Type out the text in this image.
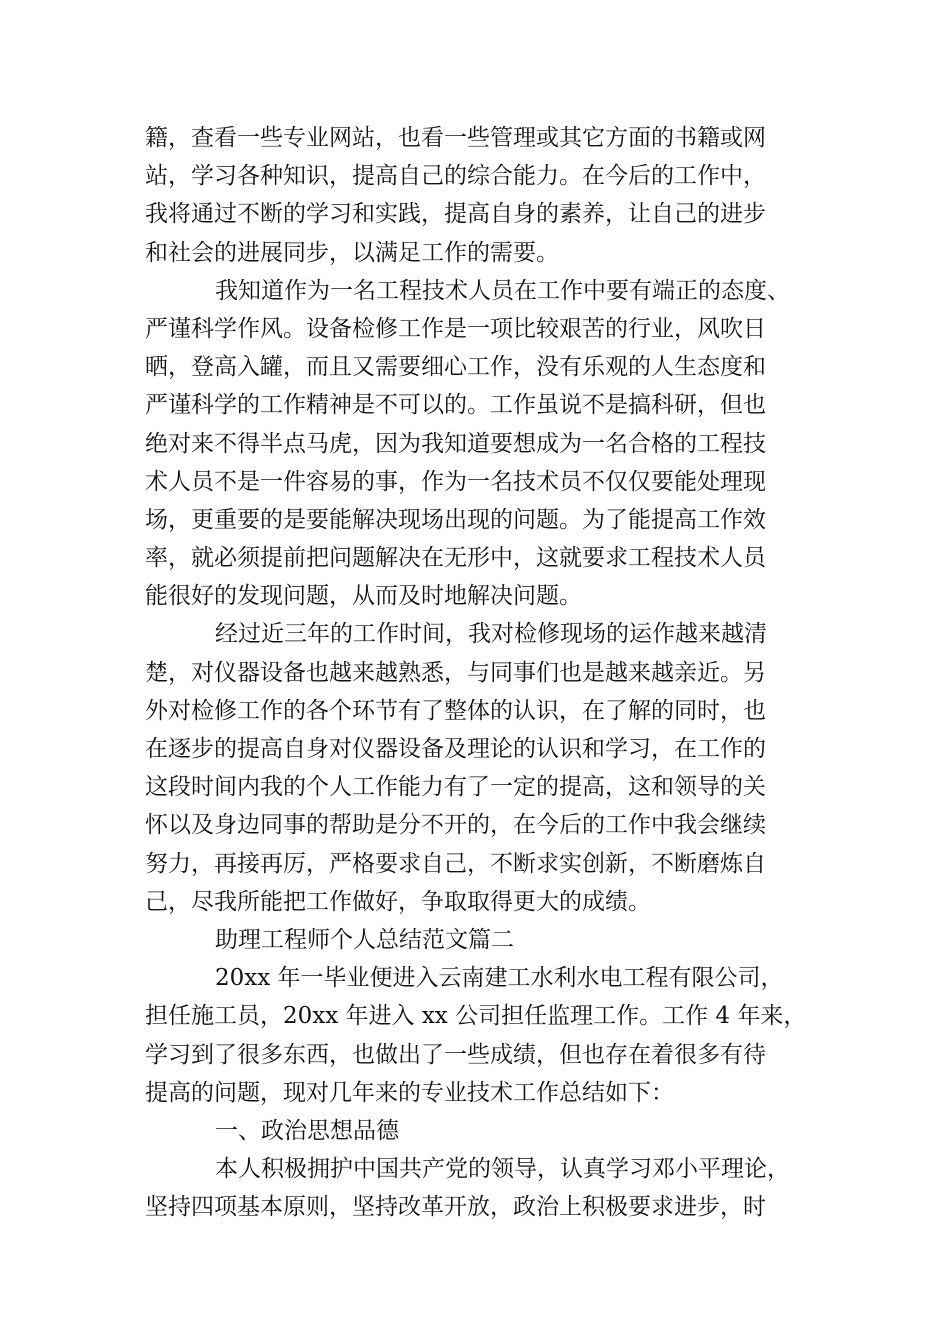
籍，查看一些专业网站，也看一些管理或其它方面的书籍或网
站，学习各种知识，提高自己的综合能力。在今后的工作中，
我将通过不断的学习和实践，提高自身的素养，让自己的进步
和社会的进展同步，以满足工作的需要。
我知道作为一名工程技术人员在工作中要有端正的态度、
严谨科学作风。设备检修工作是一项比较艰苦的行业，风吹日
晒，登高入罐，而且又需要细心工作，没有乐观的人生态度和
严谨科学的工作精神是不可以的。工作虽说不是搞科研，但也
绝对来不得半点马虎，因为我知道要想成为一名合格的工程技
术人员不是一件容易的事，作为一名技术员不仅仅要能处理现
场，更重要的是要能解决现场出现的问题。为了能提高工作效
率，就必须提前把问题解决在无形中，这就要求工程技术人员
能很好的发现问题，从而及时地解决问题。
经过近三年的工作时间，我对检修现场的运作越来越清
楚，对仪器设备也越来越熟悉，与同事们也是越来越亲近。另
外对检修工作的各个环节有了整体的认识，在了解的同时，也
在逐步的提高自身对仪器设备及理论的认识和学习，在工作的
这段时间内我的个人工作能力有了一定的提高，这和领导的关
怀以及身边同事的帮助是分不开的，在今后的工作中我会继续
努力，再接再厉，严格要求自己，不断求实创新，不断磨炼自
己，尽我所能把工作做好，争取取得更大的成绩。
助理工程师个人总结范文篇二
20xx 年一毕业便进入云南建工水利水电工程有限公司，
担任施工员，20xx 年进入 xx 公司担任监理工作。工作 4 年来，
学习到了很多东西，也做出了一些成绩，但也存在着很多有待
提高的问题，现对几年来的专业技术工作总结如下：
一、政治思想品德
本人积极拥护中国共产党的领导，认真学习邓小平理论，
坚持四项基本原则，坚持改革开放，政治上积极要求进步，时
